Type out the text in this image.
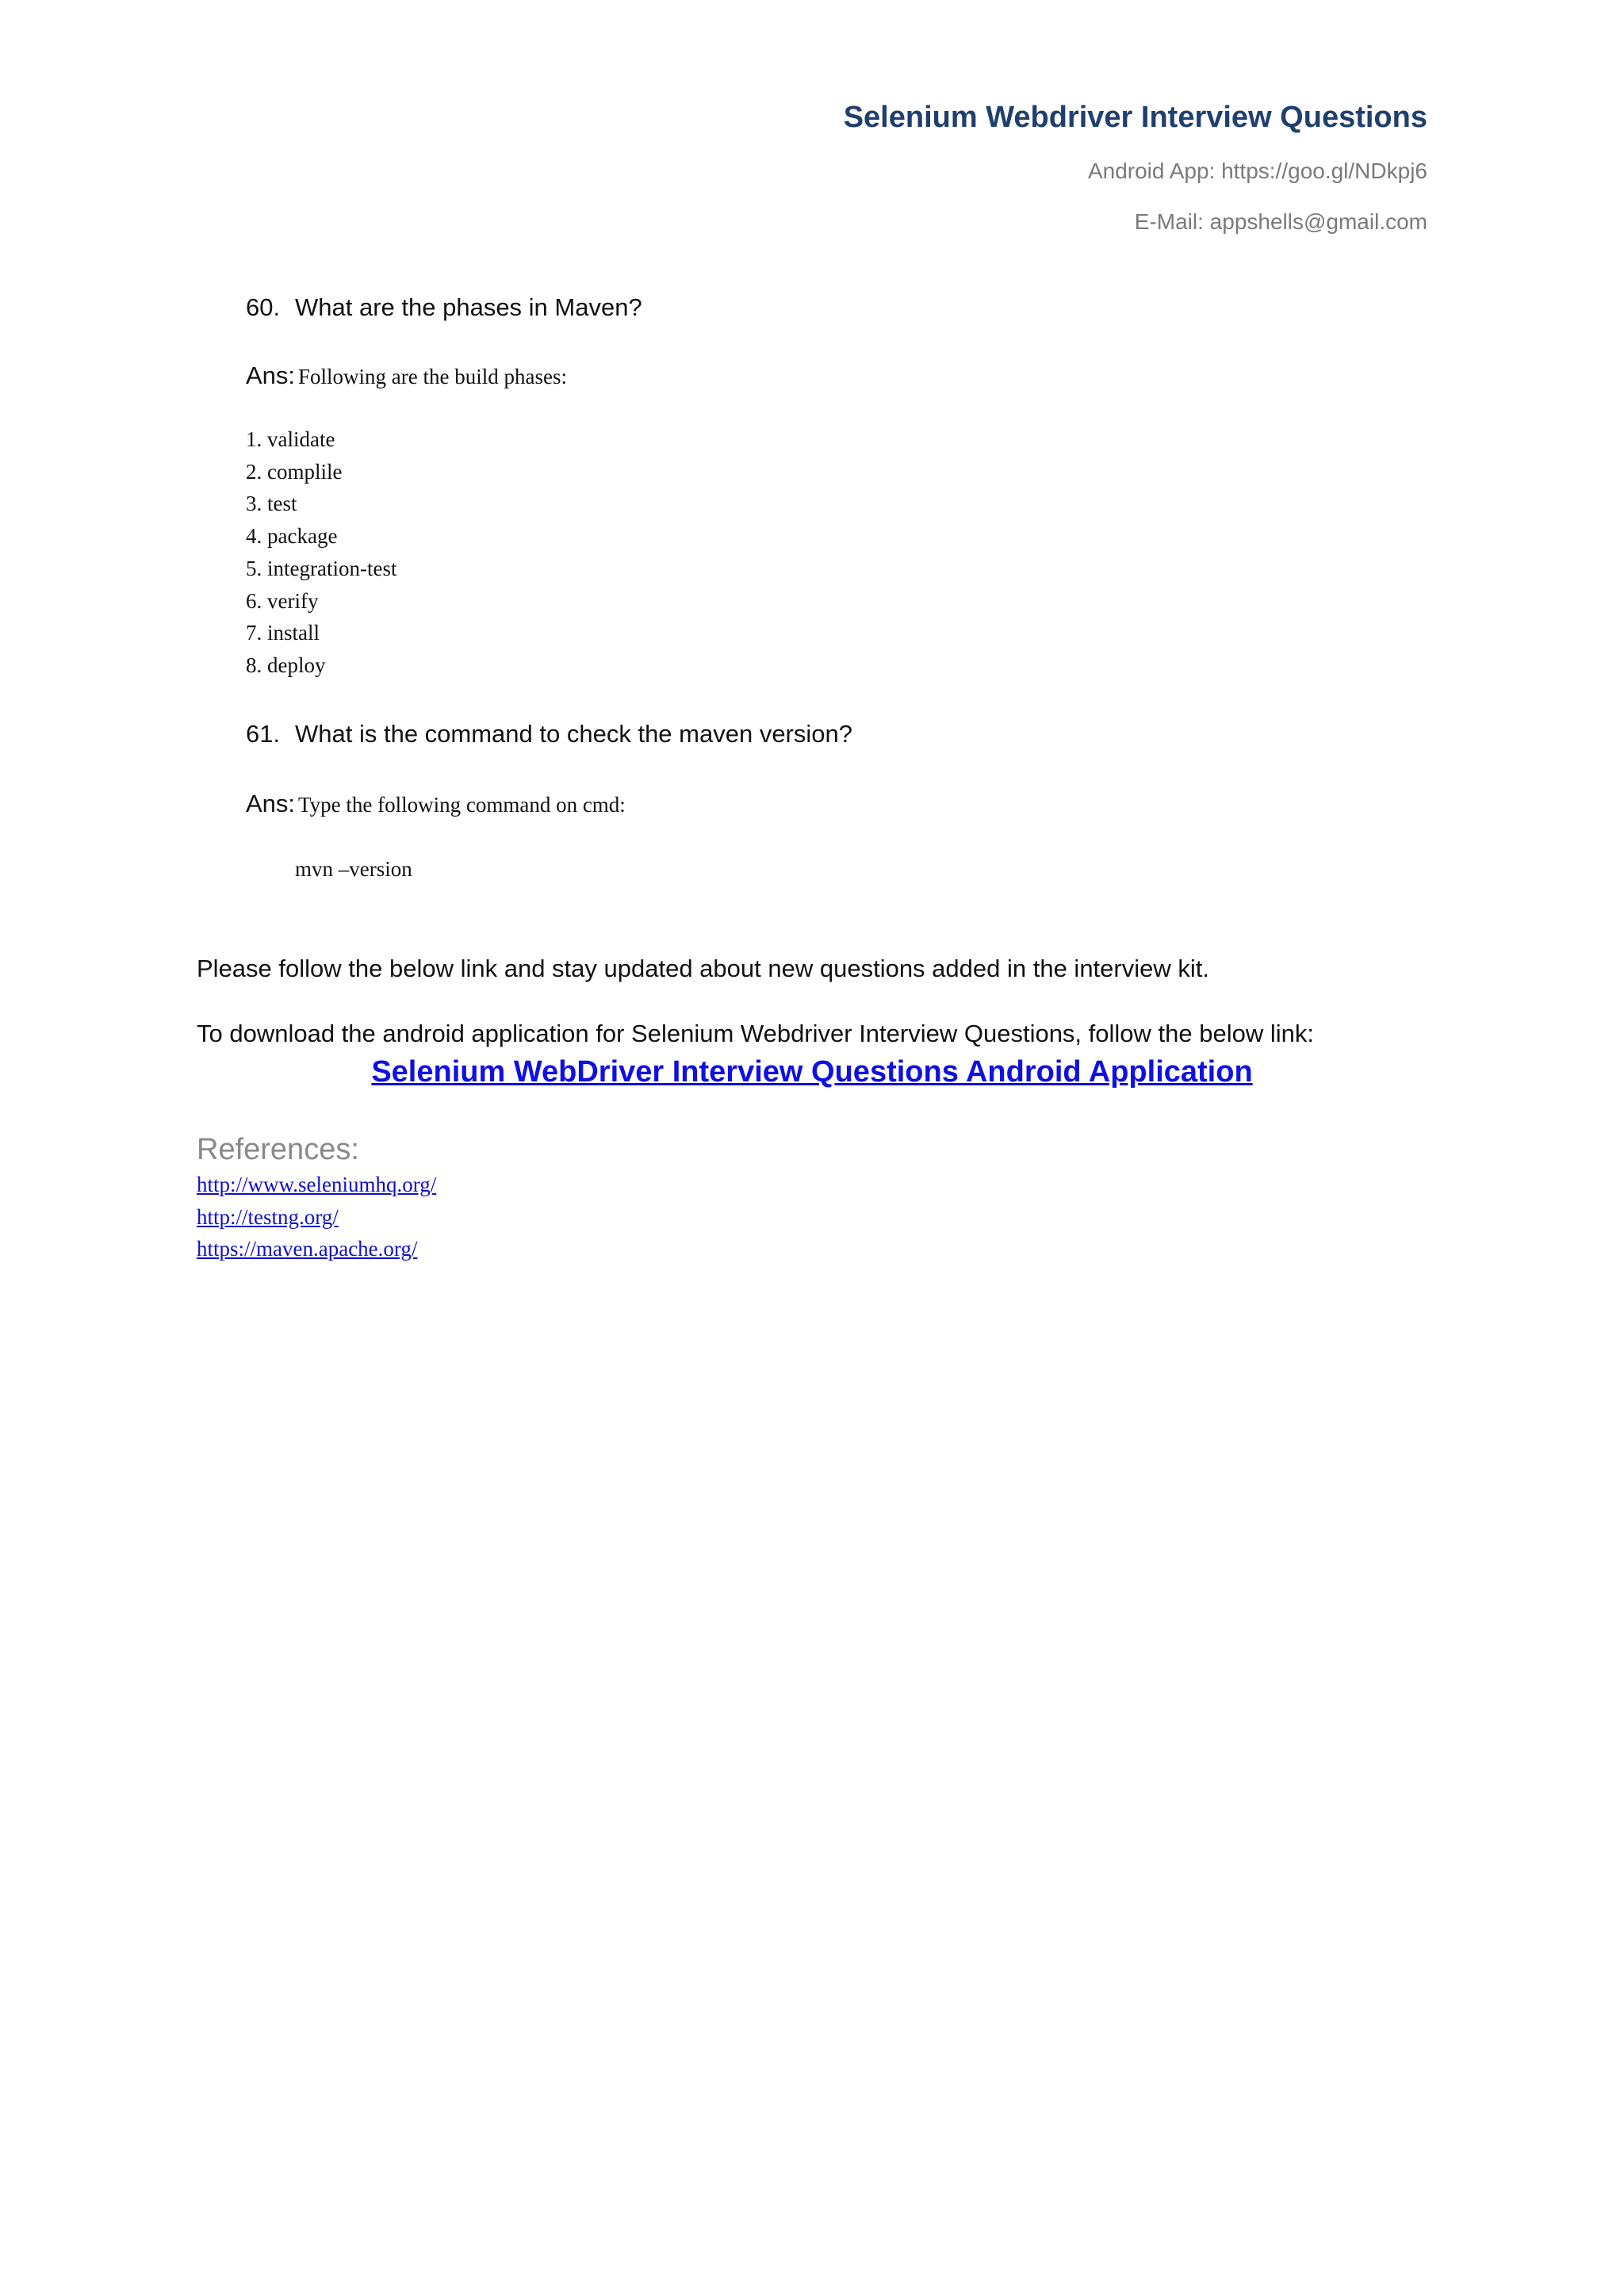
Selenium Webdriver Interview Questions
Android App: https://goo.gl/NDkpj6
E-Mail: appshells@gmail.com
60. What are the phases in Maven?
Ans: Following are the build phases:
1. validate
2. complile
3. test
4. package
5. integration-test
6. verify
7. install
8. deploy
61. What is the command to check the maven version?
Ans: Type the following command on cmd:
mvn –version
Please follow the below link and stay updated about new questions added in the interview kit.
To download the android application for Selenium Webdriver Interview Questions, follow the below link:
Selenium WebDriver Interview Questions Android Application
References:
http://www.seleniumhq.org/
http://testng.org/
https://maven.apache.org/
